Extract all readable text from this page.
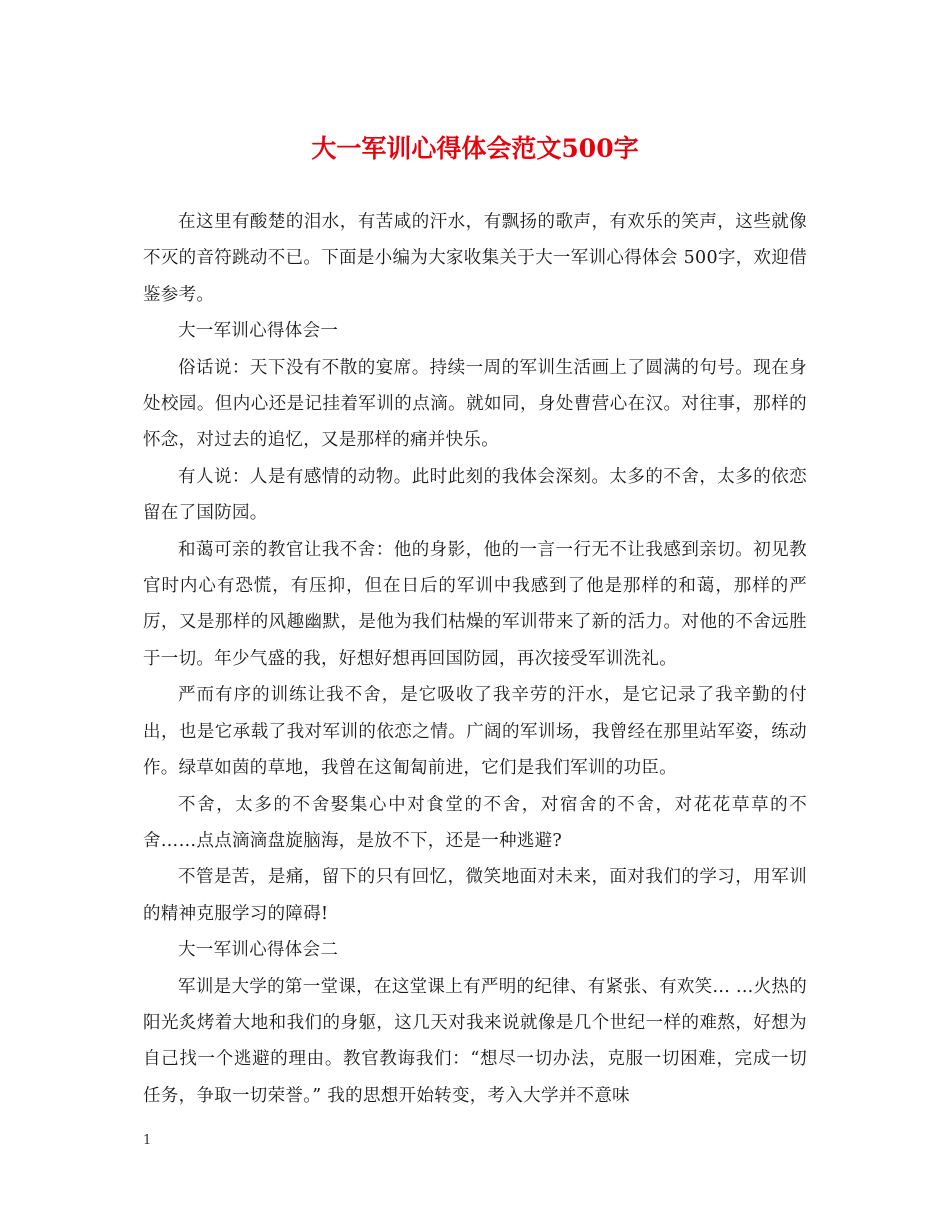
大一军训心得体会范文500字

在这里有酸楚的泪水，有苦咸的汗水，有飘扬的歌声，有欢乐的笑声，这些就像不灭的音符跳动不已。下面是小编为大家收集关于大一军训心得体会 500字，欢迎借鉴参考。

大一军训心得体会一

俗话说：天下没有不散的宴席。持续一周的军训生活画上了圆满的句号。现在身处校园。但内心还是记挂着军训的点滴。就如同，身处曹营心在汉。对往事，那样的怀念，对过去的追忆，又是那样的痛并快乐。

有人说：人是有感情的动物。此时此刻的我体会深刻。太多的不舍，太多的依恋留在了国防园。

和蔼可亲的教官让我不舍：他的身影，他的一言一行无不让我感到亲切。初见教官时内心有恐慌，有压抑，但在日后的军训中我感到了他是那样的和蔼，那样的严厉，又是那样的风趣幽默，是他为我们枯燥的军训带来了新的活力。对他的不舍远胜于一切。年少气盛的我，好想好想再回国防园，再次接受军训洗礼。

严而有序的训练让我不舍，是它吸收了我辛劳的汗水，是它记录了我辛勤的付出，也是它承载了我对军训的依恋之情。广阔的军训场，我曾经在那里站军姿，练动作。绿草如茵的草地，我曾在这匍匐前进，它们是我们军训的功臣。

不舍，太多的不舍娶集心中对食堂的不舍，对宿舍的不舍，对花花草草的不舍……点点滴滴盘旋脑海，是放不下，还是一种逃避?

不管是苦，是痛，留下的只有回忆，微笑地面对未来，面对我们的学习，用军训的精神克服学习的障碍!

大一军训心得体会二

军训是大学的第一堂课，在这堂课上有严明的纪律、有紧张、有欢笑... ...火热的阳光炙烤着大地和我们的身躯，这几天对我来说就像是几个世纪一样的难熬，好想为自己找一个逃避的理由。教官教诲我们：“想尽一切办法，克服一切困难，完成一切任务，争取一切荣誉。” 我的思想开始转变，考入大学并不意味

1
